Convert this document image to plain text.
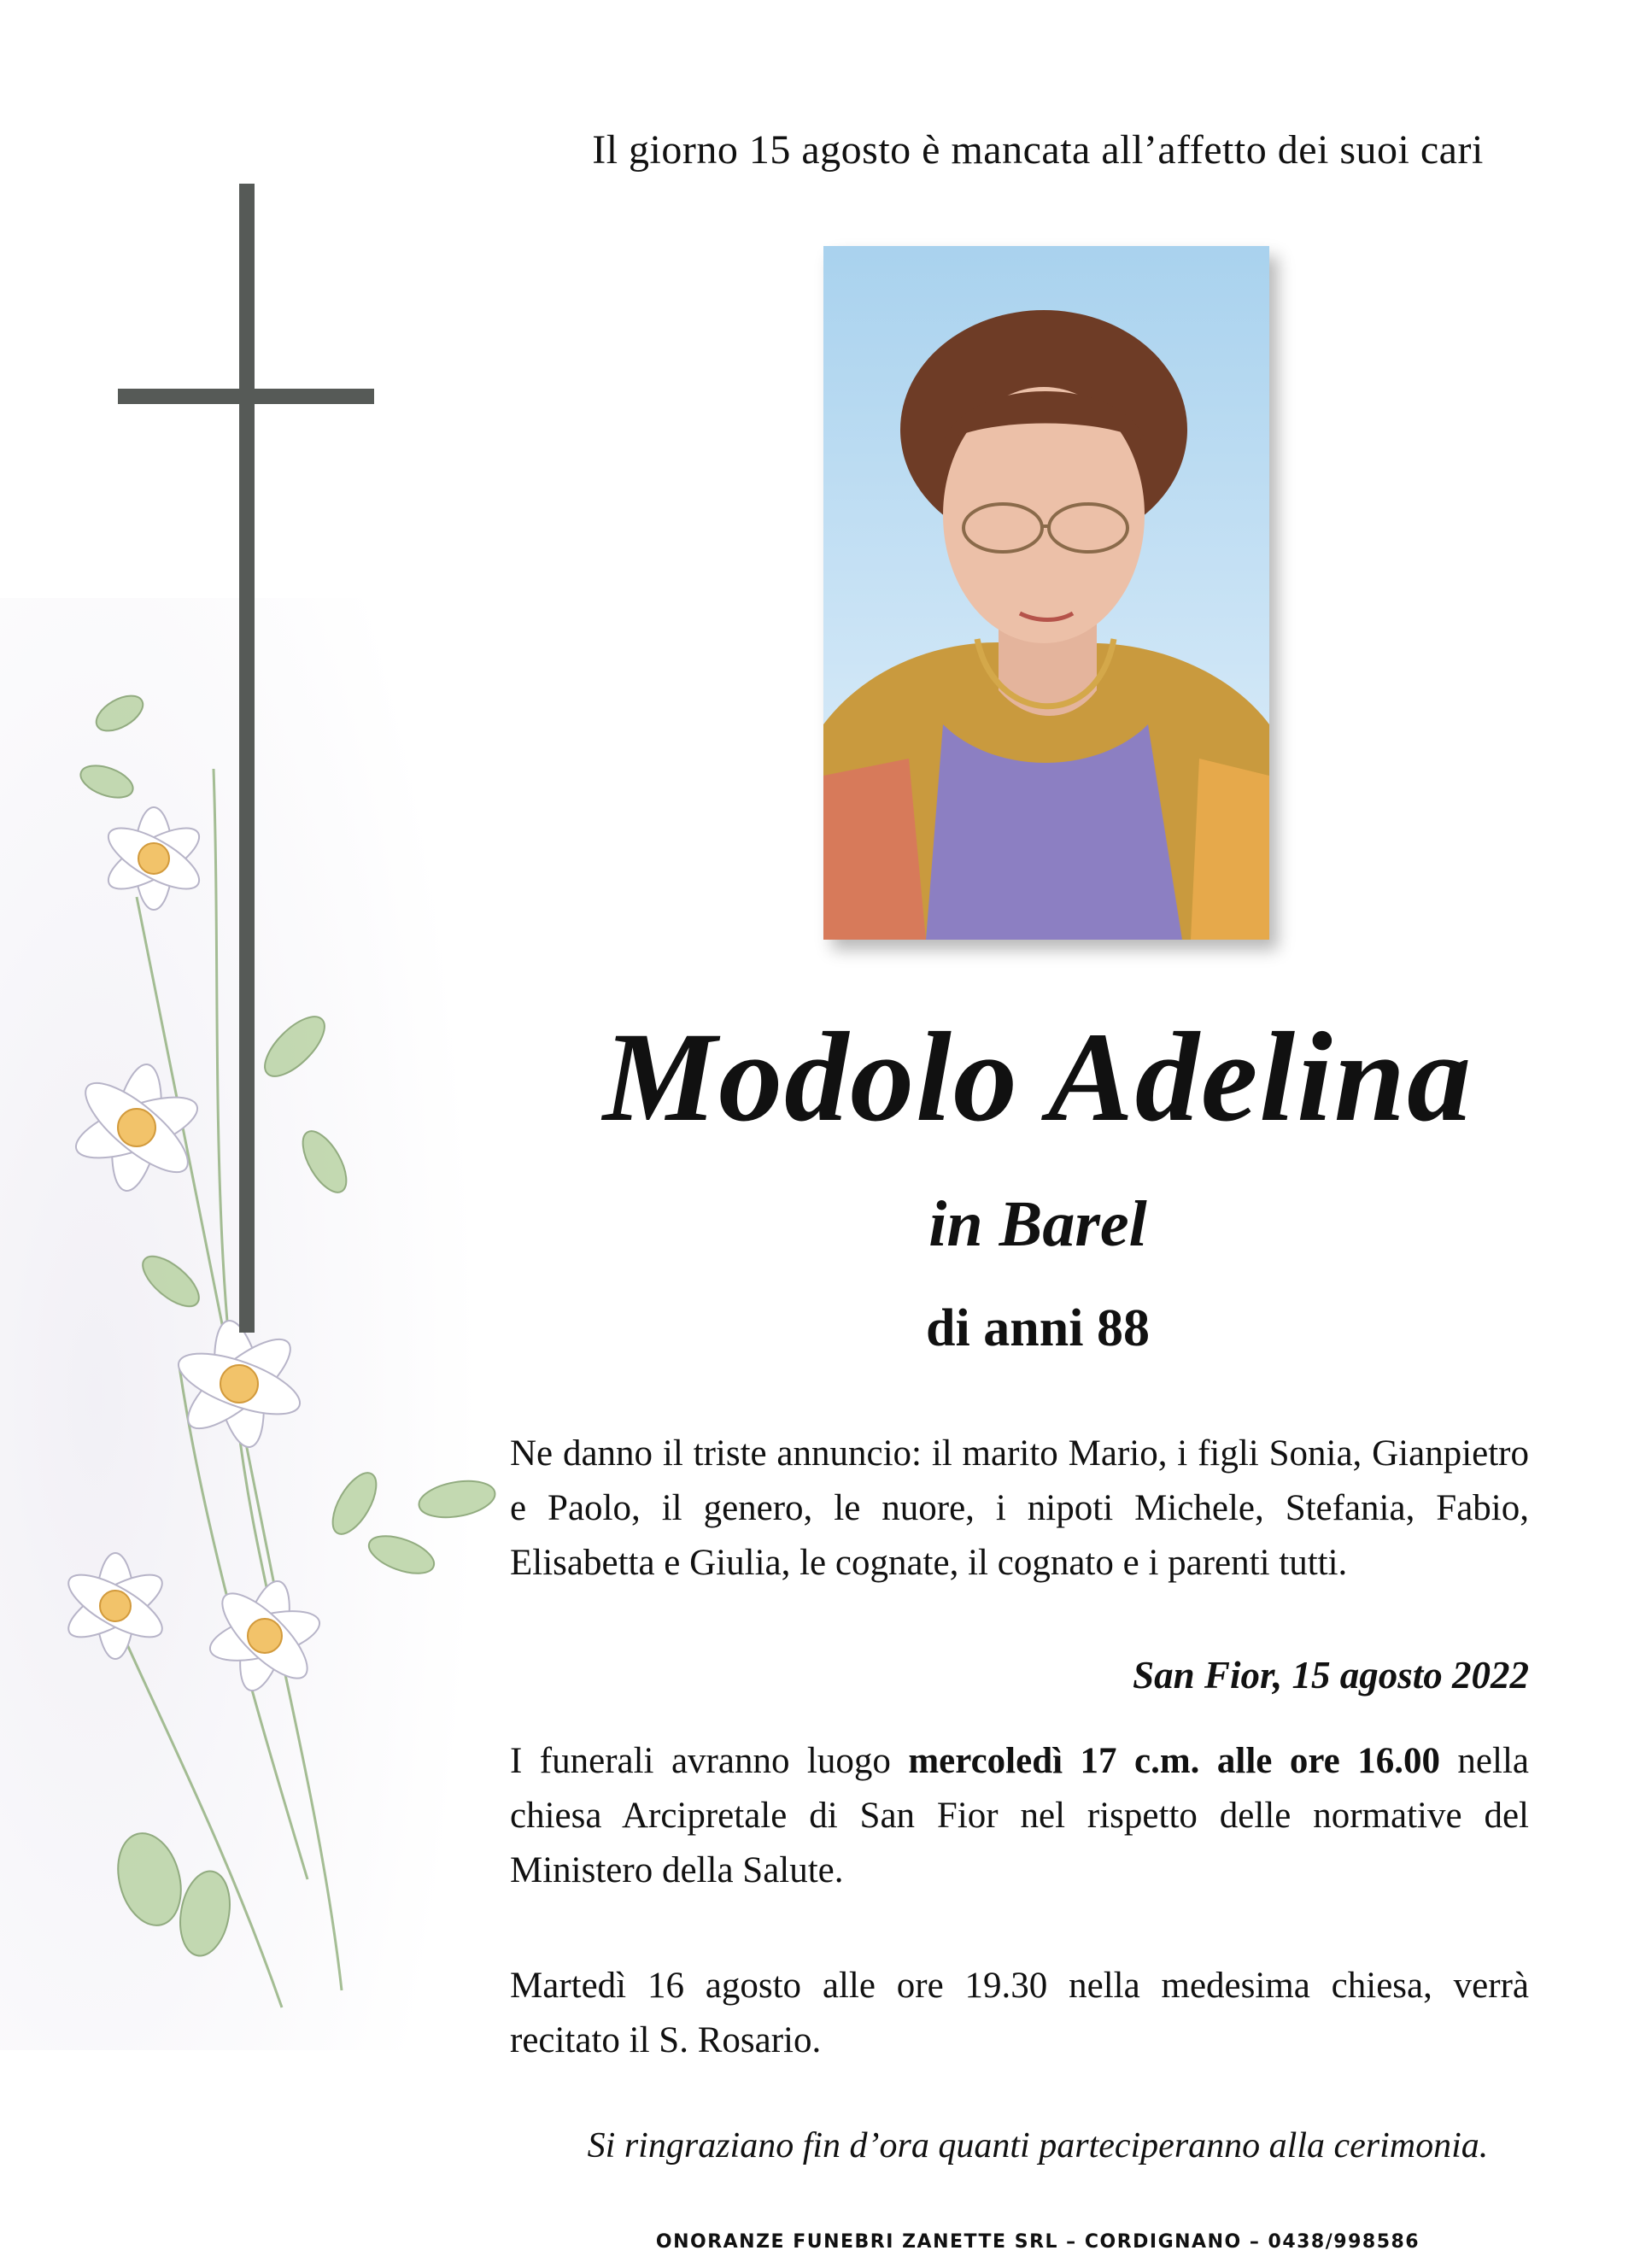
Il giorno 15 agosto è mancata all’affetto dei suoi cari
Modolo Adelina
in Barel
di anni 88
Ne danno il triste annuncio: il marito Mario, i figli Sonia, Gianpietro e Paolo, il genero, le nuore, i nipoti Michele, Stefania, Fabio, Elisabetta e Giulia, le cognate, il cognato e i parenti tutti.
San Fior, 15 agosto 2022
I funerali avranno luogo mercoledì 17 c.m. alle ore 16.00 nella chiesa Arcipretale di San Fior nel rispetto delle normative del Ministero della Salute.
Martedì 16 agosto alle ore 19.30 nella medesima chiesa, verrà recitato il S. Rosario.
Si ringraziano fin d’ora quanti parteciperanno alla cerimonia.
ONORANZE FUNEBRI ZANETTE SRL – CORDIGNANO – 0438/998586
